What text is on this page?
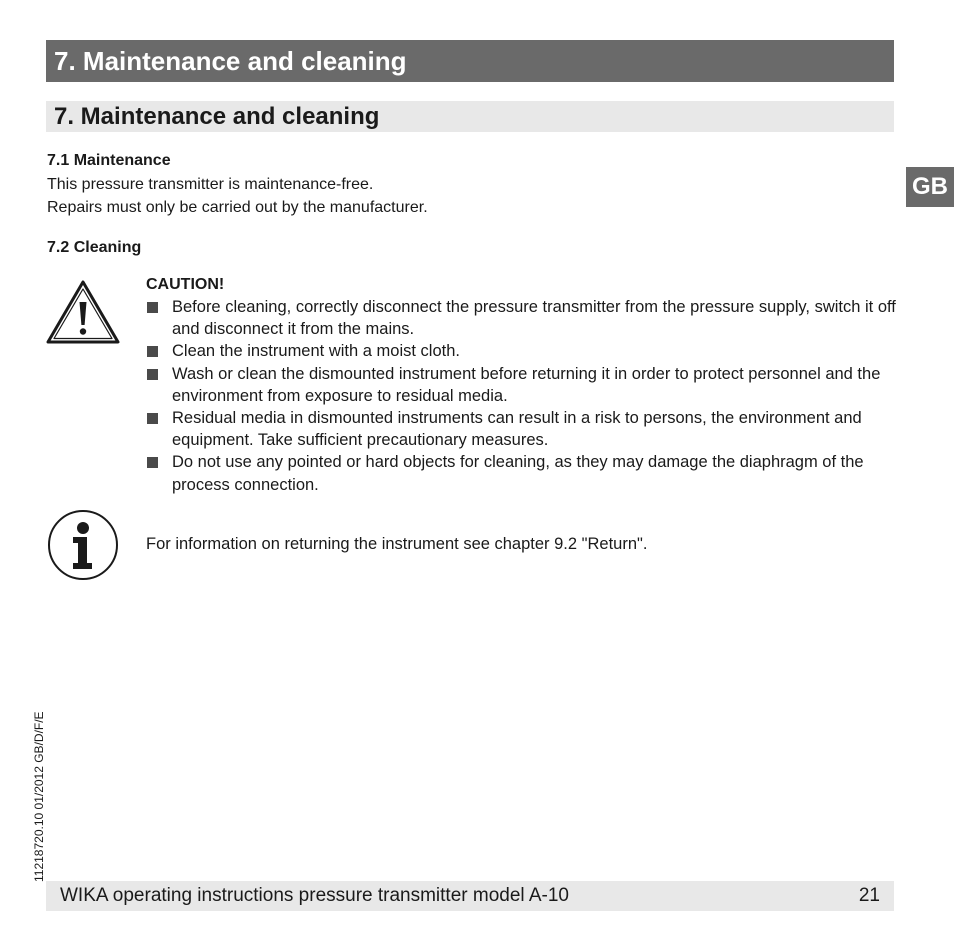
7. Maintenance and cleaning
7. Maintenance and cleaning
GB
7.1 Maintenance
This pressure transmitter is maintenance-free.
Repairs must only be carried out by the manufacturer.
7.2 Cleaning
CAUTION!
Before cleaning, correctly disconnect the pressure transmitter from the pressure supply, switch it off and disconnect it from the mains.
Clean the instrument with a moist cloth.
Wash or clean the dismounted instrument before returning it in order to protect personnel and the environment from exposure to residual media.
Residual media in dismounted instruments can result in a risk to persons, the environment and equipment. Take sufficient precautionary measures.
Do not use any pointed or hard objects for cleaning, as they may damage the diaphragm of the process connection.
For information on returning the instrument see chapter 9.2 "Return".
11218720.10 01/2012 GB/D/F/E
WIKA operating instructions pressure transmitter model A-10	21
